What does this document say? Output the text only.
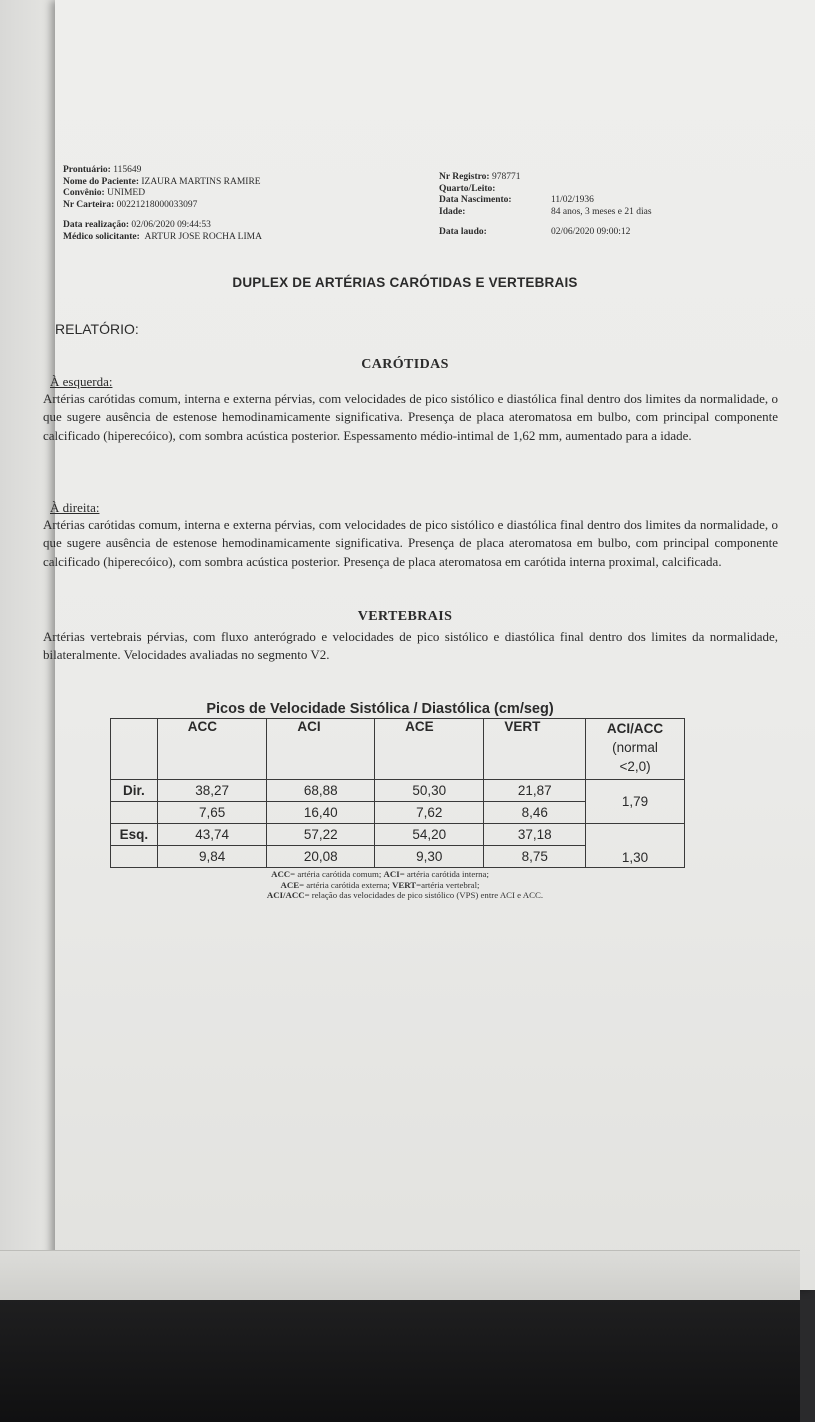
Prontuário: 115649
Nome do Paciente: IZAURA MARTINS RAMIRE
Convênio: UNIMED
Nr Carteira: 00221218000033097
Data realização: 02/06/2020 09:44:53
Médico solicitante: ARTUR JOSE ROCHA LIMA
Nr Registro: 978771
Quarto/Leito:
Data Nascimento:	11/02/1936
Idade:	84 anos, 3 meses e 21 dias
Data laudo:	02/06/2020 09:00:12
DUPLEX DE ARTÉRIAS CARÓTIDAS E VERTEBRAIS
RELATÓRIO:
CARÓTIDAS
À esquerda:
Artérias carótidas comum, interna e externa pérvias, com velocidades de pico sistólico e diastólica final dentro dos limites da normalidade, o que sugere ausência de estenose hemodinamicamente significativa. Presença de placa ateromatosa em bulbo, com principal componente calcificado (hiperecóico), com sombra acústica posterior. Espessamento médio-intimal de 1,62 mm, aumentado para a idade.
À direita:
Artérias carótidas comum, interna e externa pérvias, com velocidades de pico sistólico e diastólica final dentro dos limites da normalidade, o que sugere ausência de estenose hemodinamicamente significativa. Presença de placa ateromatosa em bulbo, com principal componente calcificado (hiperecóico), com sombra acústica posterior. Presença de placa ateromatosa em carótida interna proximal, calcificada.
VERTEBRAIS
Artérias vertebrais pérvias, com fluxo anterógrado e velocidades de pico sistólico e diastólica final dentro dos limites da normalidade, bilateralmente. Velocidades avaliadas no segmento V2.
Picos de Velocidade Sistólica / Diastólica (cm/seg)
	ACC	ACI	ACE	VERT	ACI/ACC
(normal
<2,0)
Dir.	38,27	68,88	50,30	21,87	1,79
	7,65	16,40	7,62	8,46	
Esq.	43,74	57,22	54,20	37,18	1,30
	9,84	20,08	9,30	8,75	
ACC= artéria carótida comum; ACI= artéria carótida interna;
ACE= artéria carótida externa; VERT=artéria vertebral;
ACI/ACC= relação das velocidades de pico sistólico (VPS) entre ACI e ACC.
